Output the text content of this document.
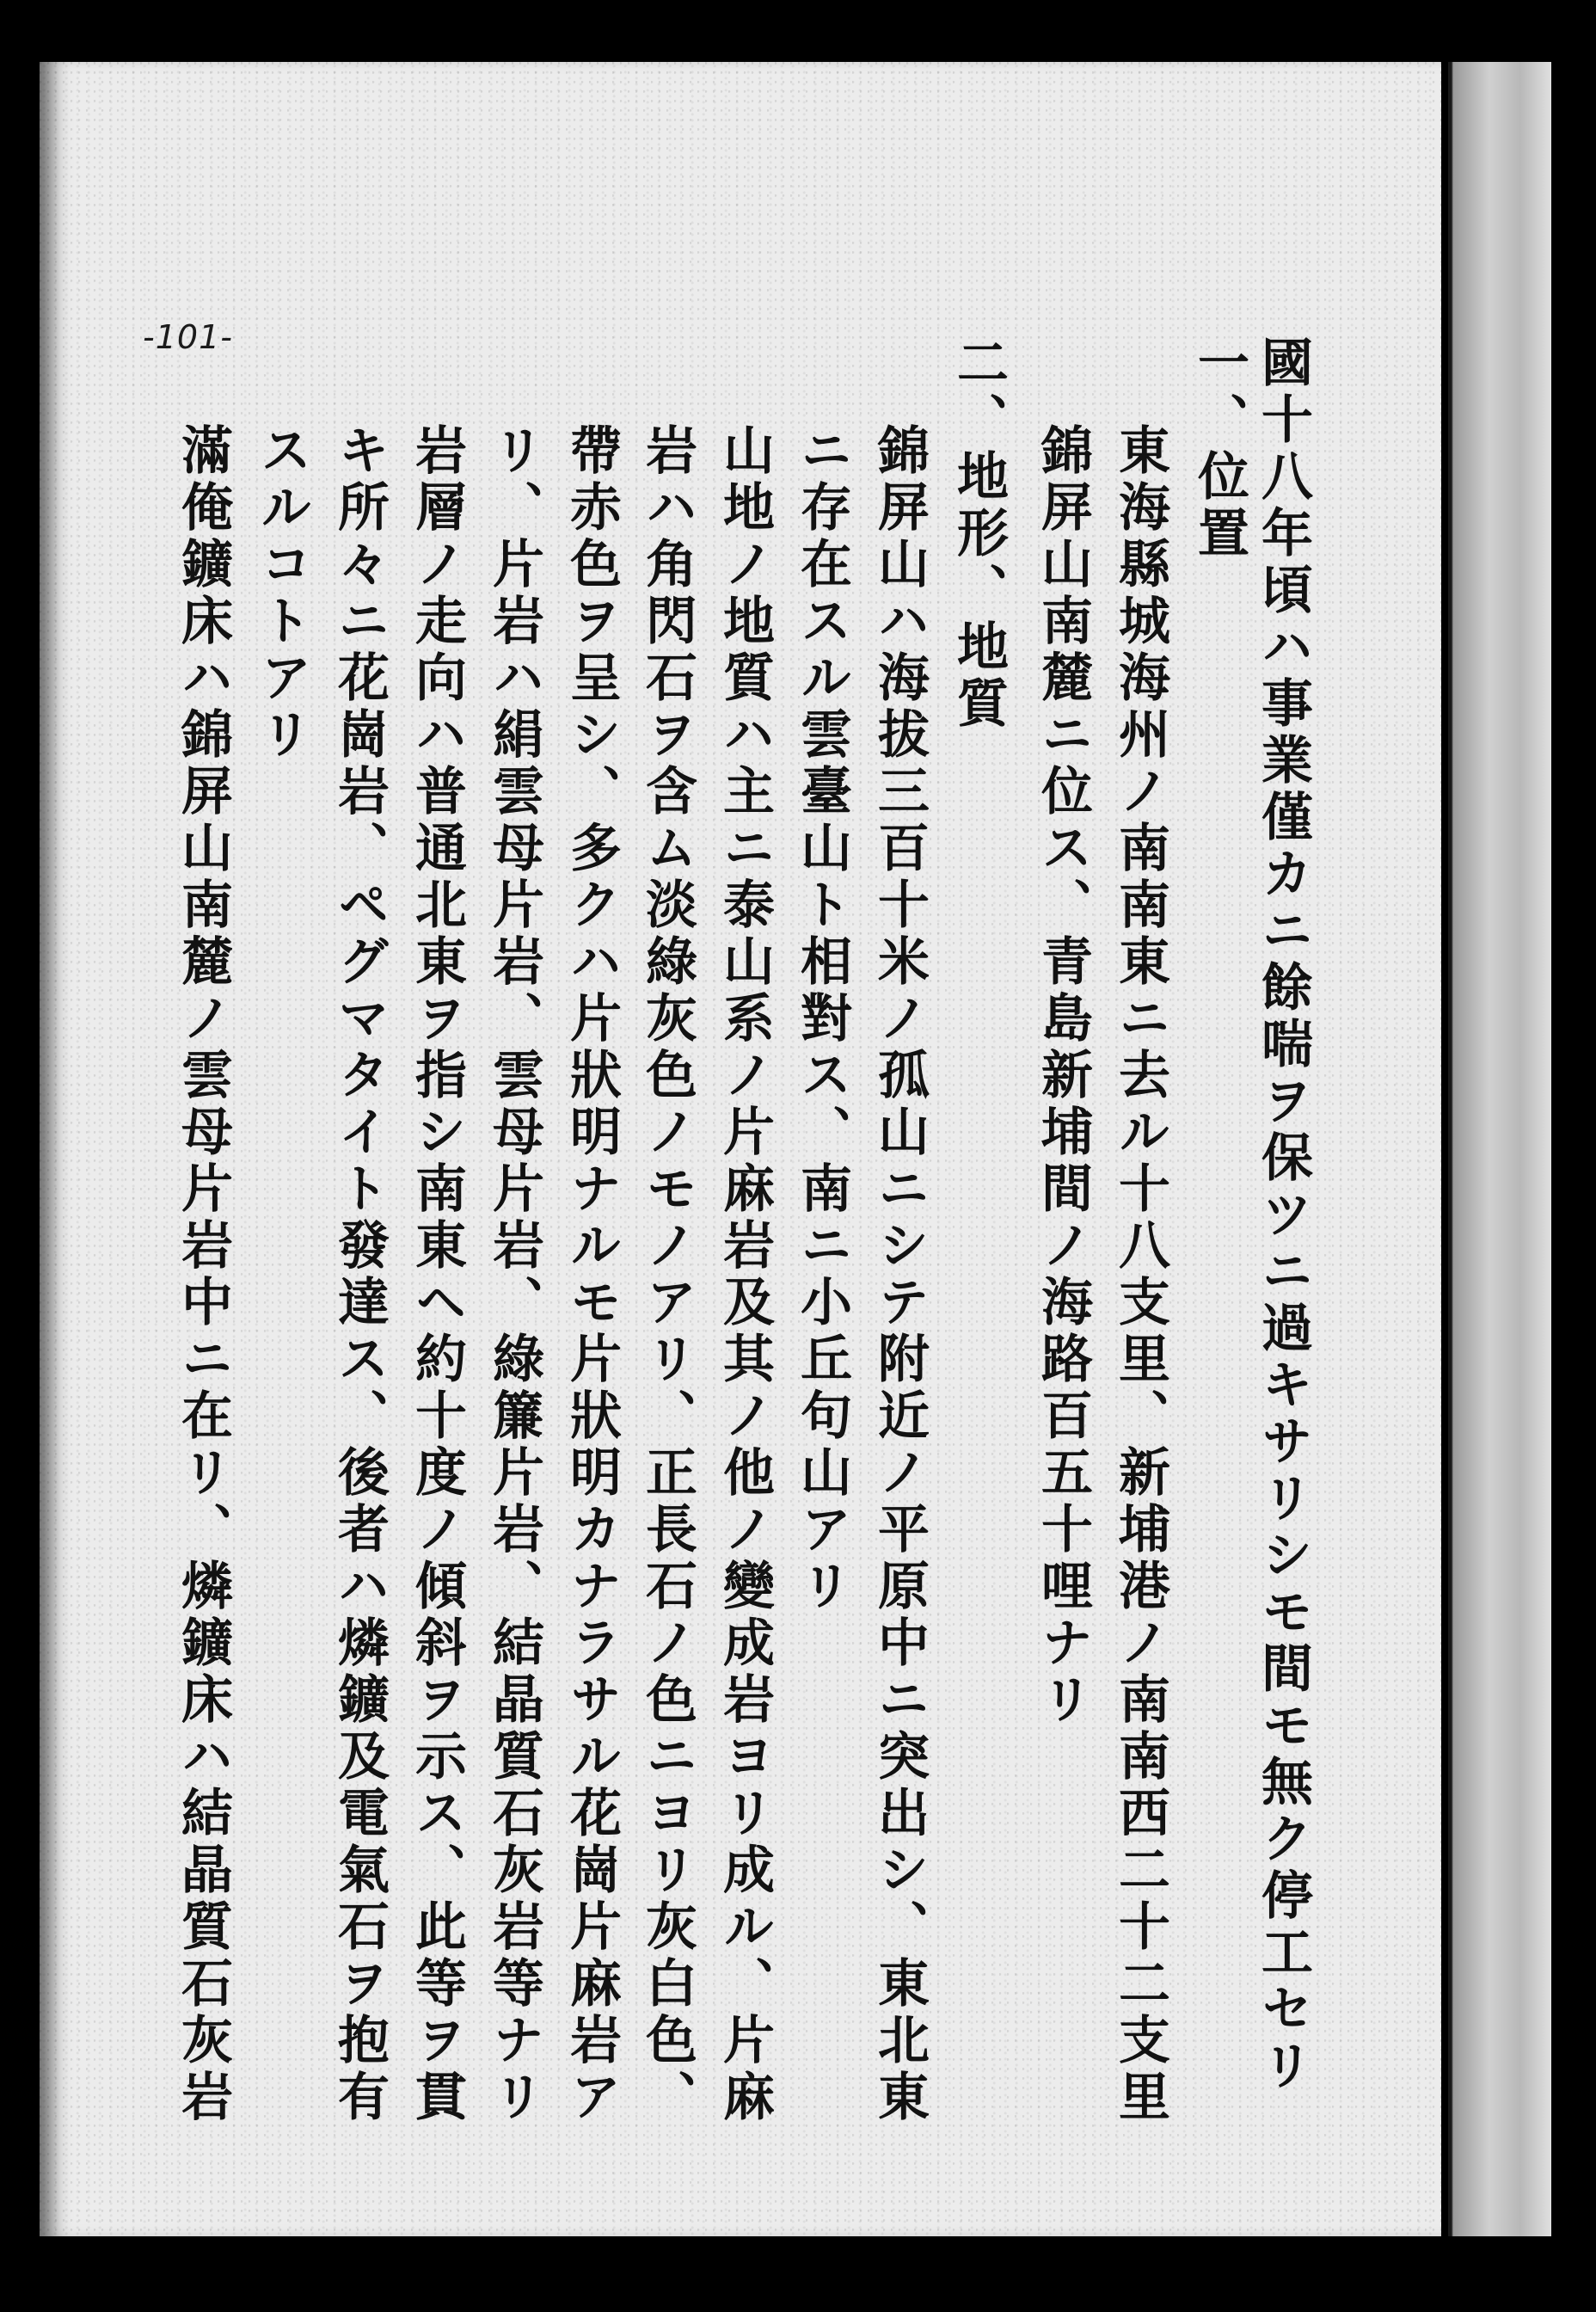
-101-	國十八年頃ハ事業僅カニ餘喘ヲ保ツニ過キサリシモ間モ無ク停工セリ
一、位置
東海縣城海州ノ南南東ニ去ル十八支里、新埔港ノ南南西二十二支里
錦屏山南麓ニ位ス、青島新埔間ノ海路百五十哩ナリ
二、地形、地質
錦屏山ハ海拔三百十米ノ孤山ニシテ附近ノ平原中ニ突出シ、東北東
ニ存在スル雲臺山ト相對ス、南ニ小丘句山アリ
山地ノ地質ハ主ニ泰山系ノ片麻岩及其ノ他ノ變成岩ヨリ成ル、片麻
岩ハ角閃石ヲ含ム淡綠灰色ノモノアリ、正長石ノ色ニヨリ灰白色、
帶赤色ヲ呈シ、多クハ片狀明ナルモ片狀明カナラサル花崗片麻岩ア
リ、片岩ハ絹雲母片岩、雲母片岩、綠簾片岩、結晶質石灰岩等ナリ
岩層ノ走向ハ普通北東ヲ指シ南東ヘ約十度ノ傾斜ヲ示ス、此等ヲ貫
キ所々ニ花崗岩、ペグマタイト發達ス、後者ハ燐鑛及電氣石ヲ抱有
スルコトアリ
滿俺鑛床ハ錦屏山南麓ノ雲母片岩中ニ在リ、燐鑛床ハ結晶質石灰岩
